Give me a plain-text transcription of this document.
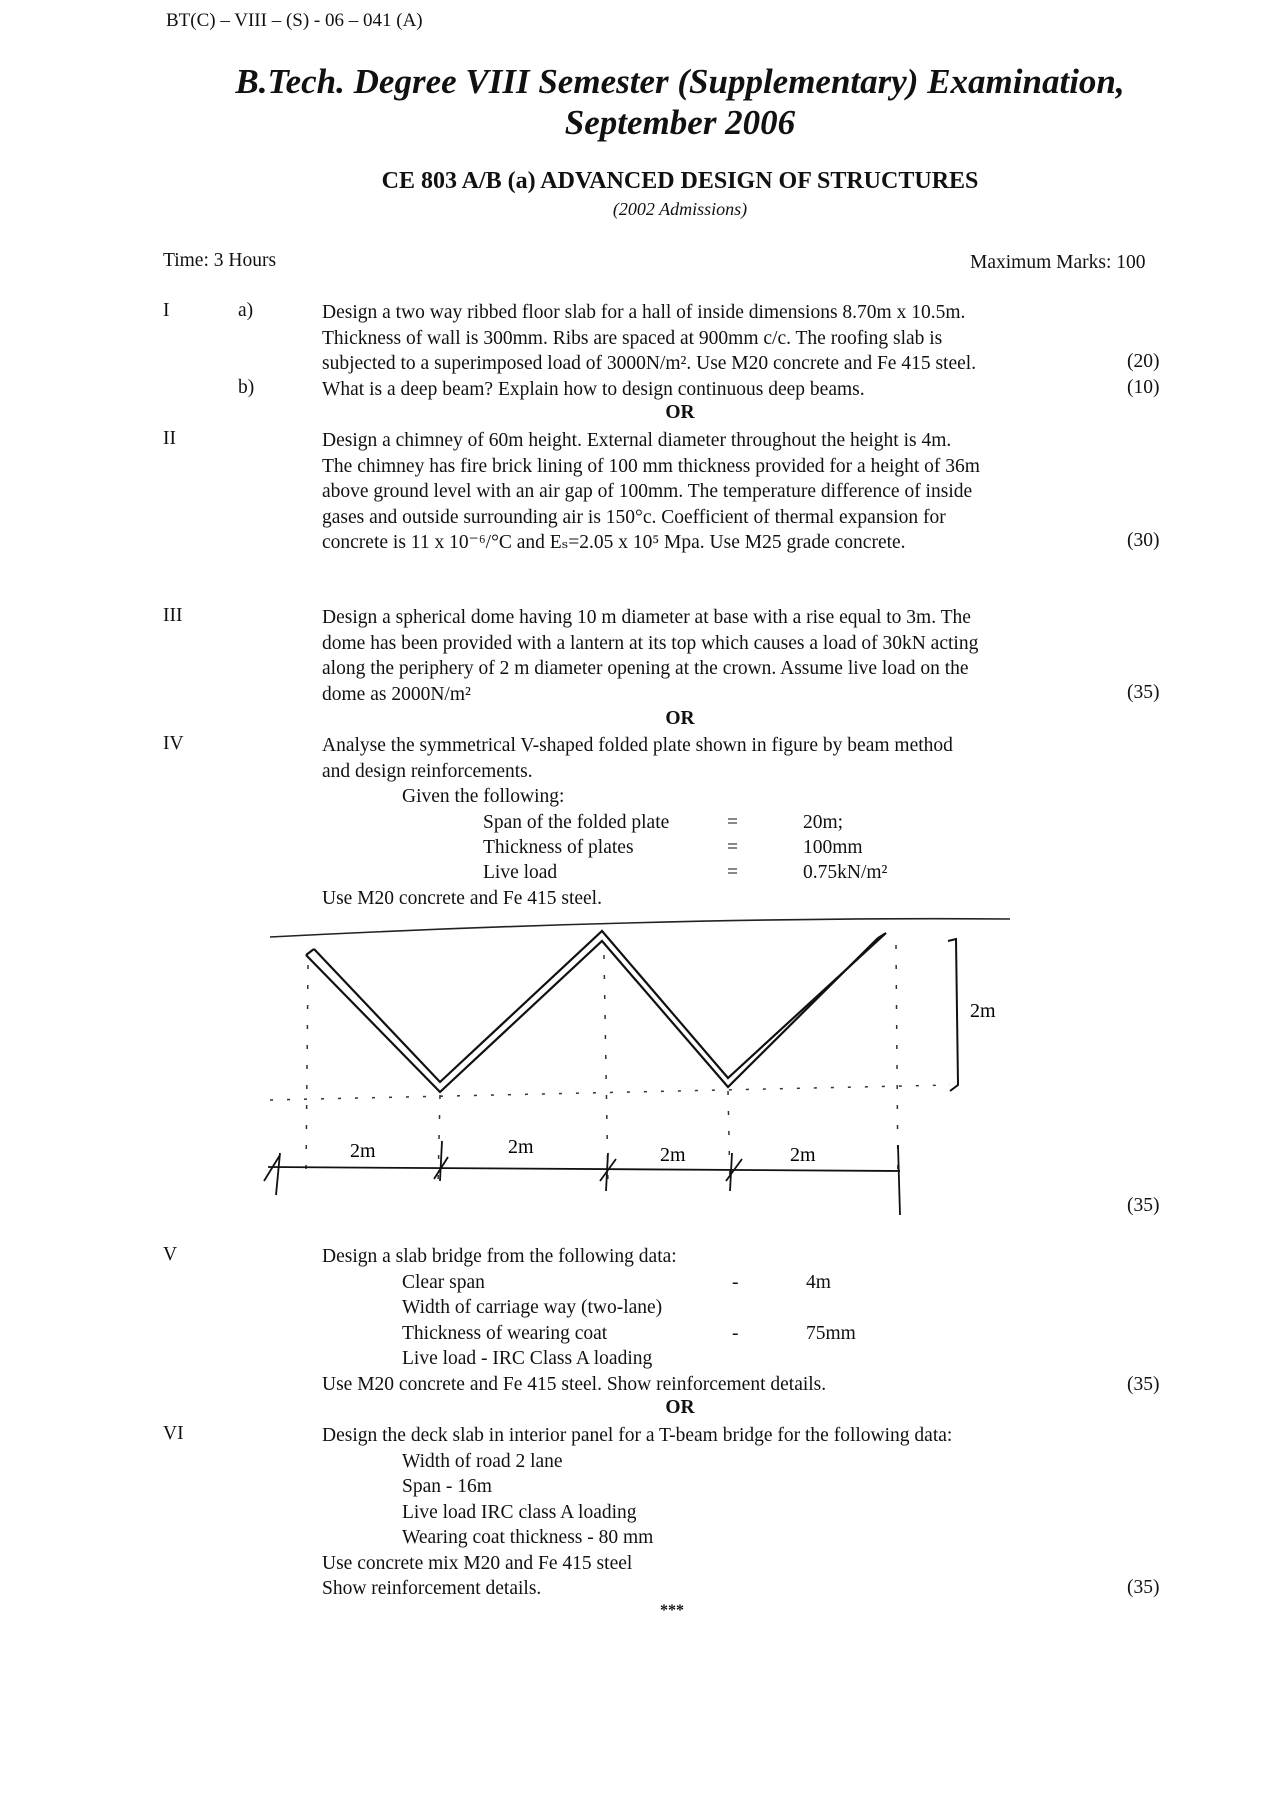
BT(C) – VIII – (S) - 06 – 041 (A)
B.Tech. Degree VIII Semester (Supplementary) Examination,
September 2006
CE 803 A/B (a) ADVANCED DESIGN OF STRUCTURES
(2002 Admissions)
Time: 3 Hours	Maximum Marks: 100
I	a)	Design a two way ribbed floor slab for a hall of inside dimensions 8.70m x 10.5m.
Thickness of wall is 300mm. Ribs are spaced at 900mm c/c. The roofing slab is
subjected to a superimposed load of 3000N/m². Use M20 concrete and Fe 415 steel.	(20)
b)	What is a deep beam? Explain how to design continuous deep beams.	(10)
OR
II	Design a chimney of 60m height. External diameter throughout the height is 4m.
The chimney has fire brick lining of 100 mm thickness provided for a height of 36m
above ground level with an air gap of 100mm. The temperature difference of inside
gases and outside surrounding air is 150°c. Coefficient of thermal expansion for
concrete is 11 x 10⁻⁶/°C and Eₛ=2.05 x 10⁵ Mpa. Use M25 grade concrete.	(30)
III	Design a spherical dome having 10 m diameter at base with a rise equal to 3m. The
dome has been provided with a lantern at its top which causes a load of 30kN acting
along the periphery of 2 m diameter opening at the crown. Assume live load on the
dome as 2000N/m²	(35)
OR
IV	Analyse the symmetrical V-shaped folded plate shown in figure by beam method
and design reinforcements.
Given the following:
Span of the folded plate	=	20m;
Thickness of plates	=	100mm
Live load	=	0.75kN/m²
Use M20 concrete and Fe 415 steel.
2m
2m	2m	2m	2m
(35)
V	Design a slab bridge from the following data:
Clear span	-	4m
Width of carriage way (two-lane)
Thickness of wearing coat	-	75mm
Live load - IRC Class A loading
Use M20 concrete and Fe 415 steel. Show reinforcement details.	(35)
OR
VI	Design the deck slab in interior panel for a T-beam bridge for the following data:
Width of road 2 lane
Span - 16m
Live load IRC class A loading
Wearing coat thickness - 80 mm
Use concrete mix M20 and Fe 415 steel
Show reinforcement details.	(35)
***
